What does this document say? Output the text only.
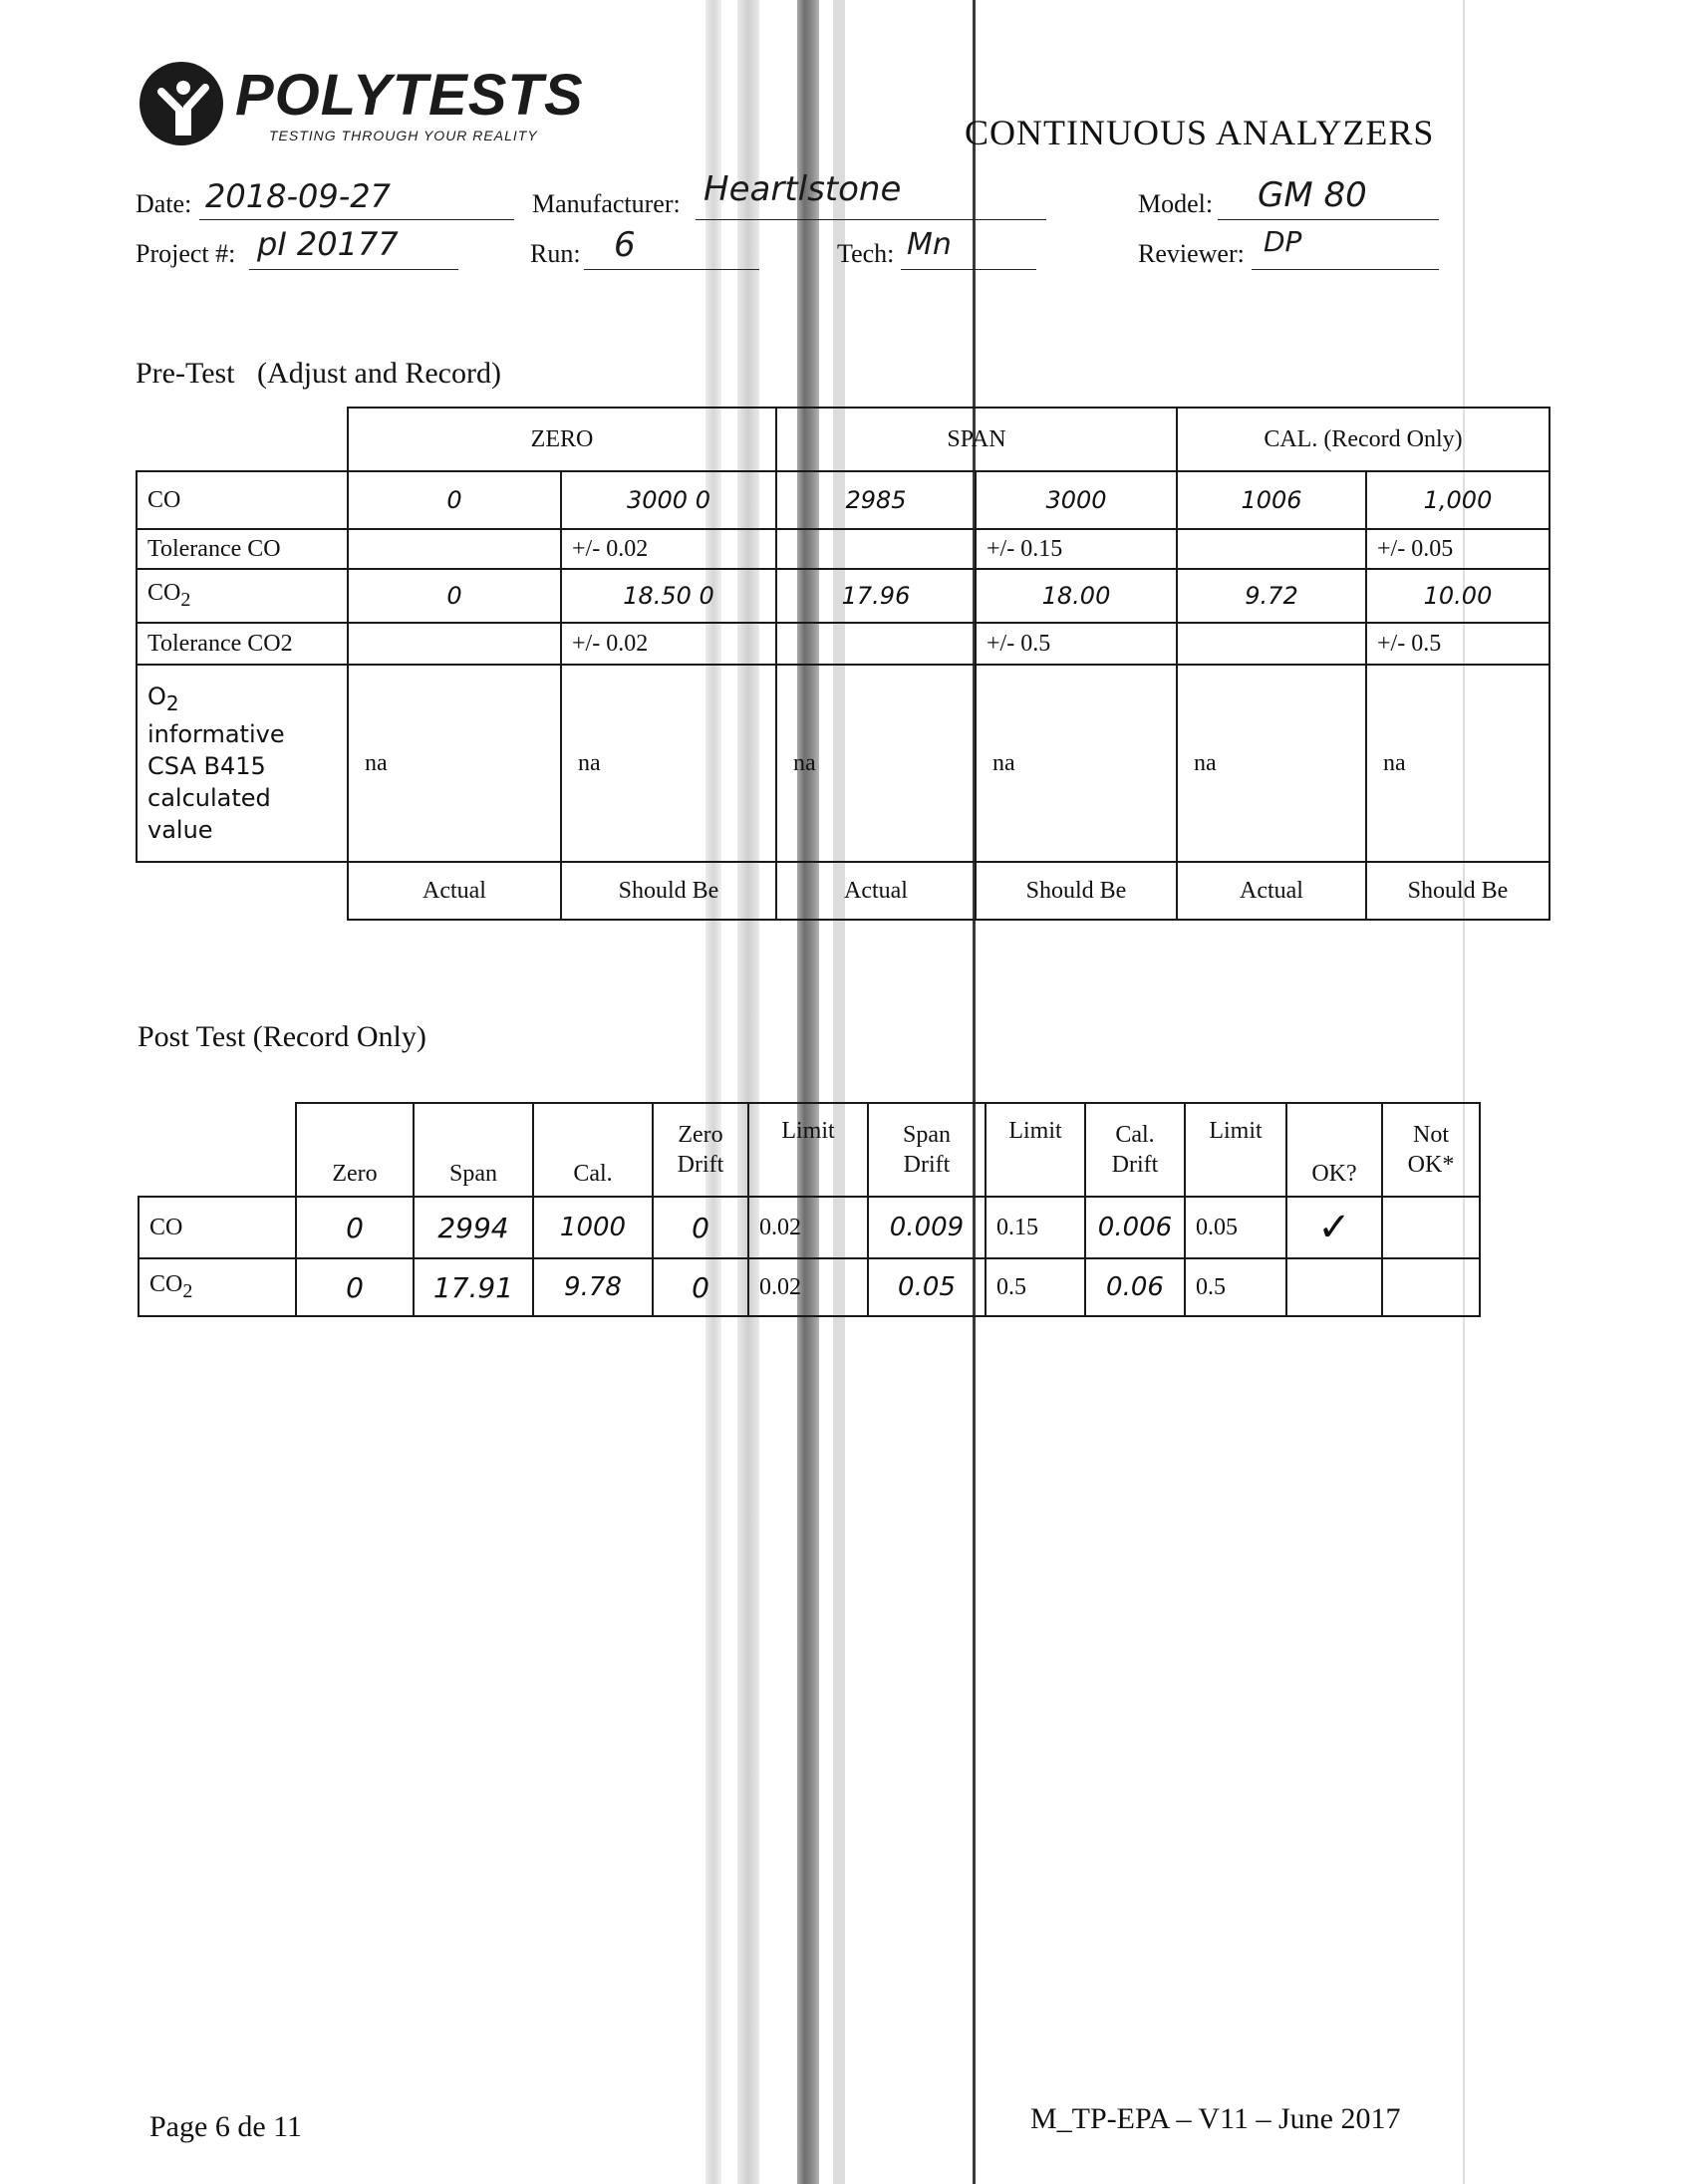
POLYTESTS
TESTING THROUGH YOUR REALITY	CONTINUOUS ANALYZERS
Date: 2018-09-27	Manufacturer: Heartlstone	Model: GM 80
Project #: pI 20177	Run: 6	Tech: Mn	Reviewer: DP
Pre-Test   (Adjust and Record)
	ZERO		SPAN		CAL. (Record Only)	
CO	0	3000 0	2985	3000	1006	1,000
Tolerance CO		+/- 0.02		+/- 0.15		+/- 0.05
$CO_2$	0	18.50 0	17.96	18.00	9.72	10.00
Tolerance CO2		+/- 0.02		+/- 0.5		+/- 0.5

$O_2$
informative
CSA B415
calculated
value	na	na	na	na	na	na
	Actual	Should Be	Actual	Should Be	Actual	Should Be
Post Test (Record Only)
	Zero	Span	Cal.	Zero Drift	Limit	Span Drift	Limit	Cal. Drift	Limit	OK?	Not OK*
CO	0	2994	1000	0	0.02	0.009	0.15	0.006	0.05	✓	
$CO_2$	0	17.91	9.78	0	0.02	0.05	0.5	0.06	0.5		
Page 6 de 11	M_TP-EPA – V11 – June 2017
